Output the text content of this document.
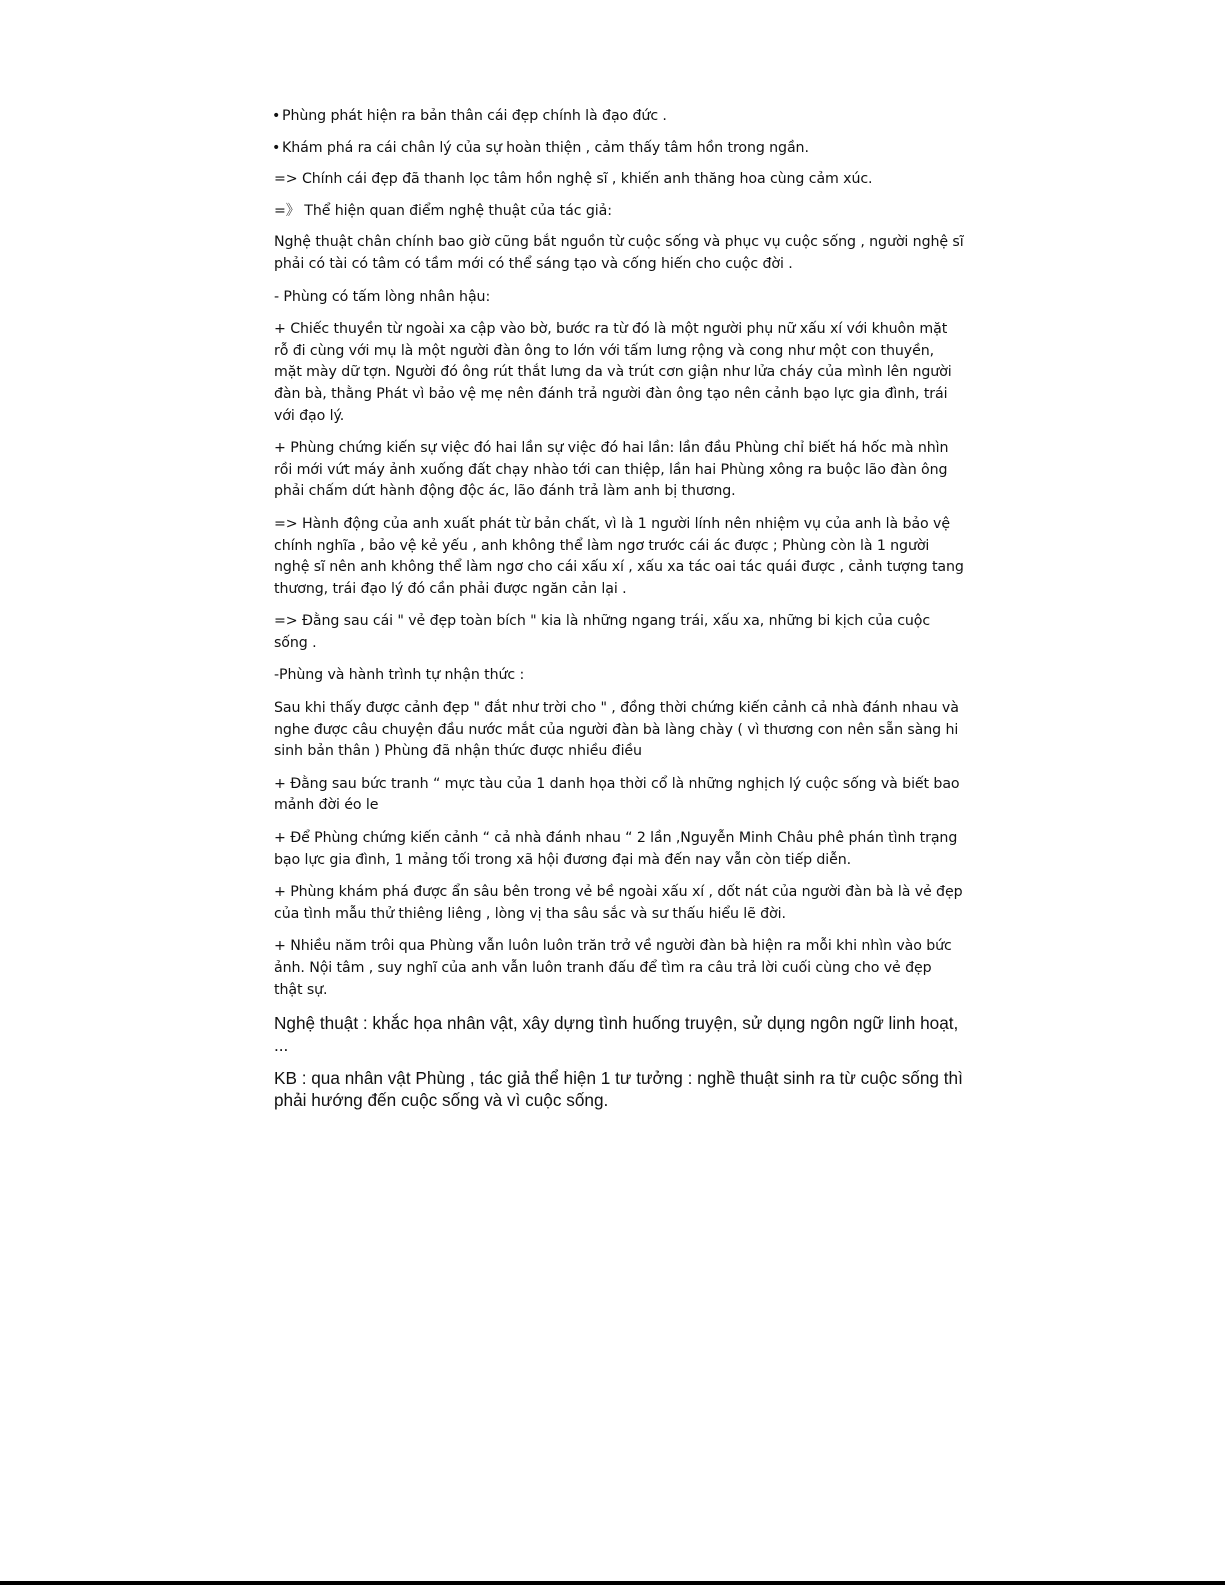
• Phùng phát hiện ra bản thân cái đẹp chính là đạo đức .

• Khám phá ra cái chân lý của sự hoàn thiện , cảm thấy tâm hồn trong ngần.

=> Chính cái đẹp đã thanh lọc tâm hồn nghệ sĩ , khiến anh thăng hoa cùng cảm xúc.

=》 Thể hiện quan điểm nghệ thuật của tác giả:

Nghệ thuật chân chính bao giờ cũng bắt nguồn từ cuộc sống và phục vụ cuộc sống , người nghệ sĩ phải có tài có tâm có tầm mới có thể sáng tạo và cống hiến cho cuộc đời .

- Phùng có tấm lòng nhân hậu:

+ Chiếc thuyền từ ngoài xa cập vào bờ, bước ra từ đó là một người phụ nữ xấu xí với khuôn mặt rỗ đi cùng với mụ là một người đàn ông to lớn với tấm lưng rộng và cong như một con thuyền, mặt mày dữ tợn. Người đó ông rút thắt lưng da và trút cơn giận như lửa cháy của mình lên người đàn bà, thằng Phát vì bảo vệ mẹ nên đánh trả người đàn ông tạo nên cảnh bạo lực gia đình, trái với đạo lý.

+ Phùng chứng kiến sự việc đó hai lần sự việc đó hai lần: lần đầu Phùng chỉ biết há hốc mà nhìn rồi mới vứt máy ảnh xuống đất chạy nhào tới can thiệp, lần hai Phùng xông ra buộc lão đàn ông phải chấm dứt hành động độc ác, lão đánh trả làm anh bị thương.

=> Hành động của anh xuất phát từ bản chất, vì là 1 người lính nên nhiệm vụ của anh là bảo vệ chính nghĩa , bảo vệ kẻ yếu , anh không thể làm ngơ trước cái ác được ; Phùng còn là 1 người nghệ sĩ nên anh không thể làm ngơ cho cái xấu xí , xấu xa tác oai tác quái được , cảnh tượng tang thương, trái đạo lý đó cần phải được ngăn cản lại .

=> Đằng sau cái " vẻ đẹp toàn bích " kia là những ngang trái, xấu xa, những bi kịch của cuộc sống .

-Phùng và hành trình tự nhận thức :

Sau khi thấy được cảnh đẹp " đắt như trời cho " , đồng thời chứng kiến cảnh cả nhà đánh nhau và nghe được câu chuyện đầu nước mắt của người đàn bà làng chày ( vì thương con nên sẵn sàng hi sinh bản thân ) Phùng đã nhận thức được nhiều điều

+ Đằng sau bức tranh “ mực tàu của 1 danh họa thời cổ là những nghịch lý cuộc sống và biết bao mảnh đời éo le

+ Để Phùng chứng kiến cảnh “ cả nhà đánh nhau “ 2 lần ,Nguyễn Minh Châu phê phán tình trạng bạo lực gia đình, 1 mảng tối trong xã hội đương đại mà đến nay vẫn còn tiếp diễn.

+ Phùng khám phá được ẩn sâu bên trong vẻ bề ngoài xấu xí , dốt nát của người đàn bà là vẻ đẹp của tình mẫu thử thiêng liêng , lòng vị tha sâu sắc và sư thấu hiểu lẽ đời.

+ Nhiều năm trôi qua Phùng vẫn luôn luôn trăn trở về người đàn bà hiện ra mỗi khi nhìn vào bức ảnh. Nội tâm , suy nghĩ của anh vẫn luôn tranh đấu để tìm ra câu trả lời cuối cùng cho vẻ đẹp thật sự.

Nghệ thuật : khắc họa nhân vật, xây dựng tình huống truyện, sử dụng ngôn ngữ linh hoạt, ...

KB : qua nhân vật Phùng , tác giả thể hiện 1 tư tưởng : nghề thuật sinh ra từ cuộc sống thì phải hướng đến cuộc sống và vì cuộc sống.
